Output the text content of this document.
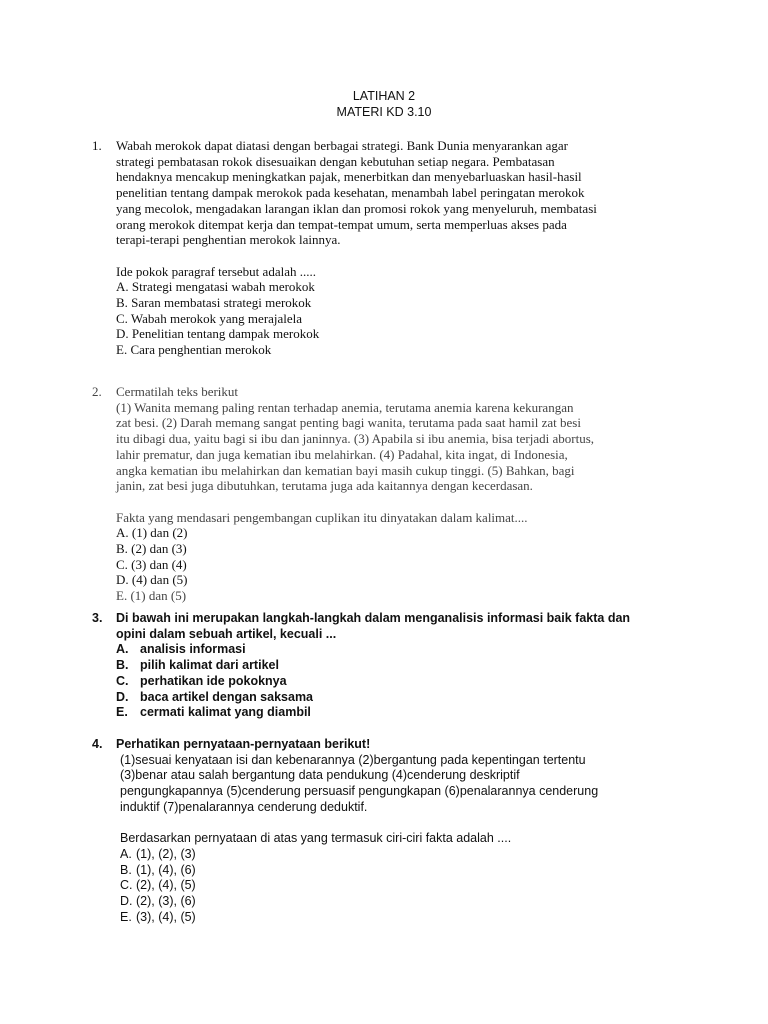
LATIHAN 2
MATERI KD 3.10
1. Wabah merokok dapat diatasi dengan berbagai strategi. Bank Dunia menyarankan agar
strategi pembatasan rokok disesuaikan dengan kebutuhan setiap negara. Pembatasan
hendaknya mencakup meningkatkan pajak, menerbitkan dan menyebarluaskan hasil-hasil
penelitian tentang dampak merokok pada kesehatan, menambah label peringatan merokok
yang mecolok, mengadakan larangan iklan dan promosi rokok yang menyeluruh, membatasi
orang merokok ditempat kerja dan tempat-tempat umum, serta memperluas akses pada
terapi-terapi penghentian merokok lainnya.
Ide pokok paragraf tersebut adalah .....
A. Strategi mengatasi wabah merokok
B. Saran membatasi strategi merokok
C. Wabah merokok yang merajalela
D. Penelitian tentang dampak merokok
E. Cara penghentian merokok
2. Cermatilah teks berikut
(1) Wanita memang paling rentan terhadap anemia, terutama anemia karena kekurangan
zat besi. (2) Darah memang sangat penting bagi wanita, terutama pada saat hamil zat besi
itu dibagi dua, yaitu bagi si ibu dan janinnya. (3) Apabila si ibu anemia, bisa terjadi abortus,
lahir prematur, dan juga kematian ibu melahirkan. (4) Padahal, kita ingat, di Indonesia,
angka kematian ibu melahirkan dan kematian bayi masih cukup tinggi. (5) Bahkan, bagi
janin, zat besi juga dibutuhkan, terutama juga ada kaitannya dengan kecerdasan.
Fakta yang mendasari pengembangan cuplikan itu dinyatakan dalam kalimat....
A. (1) dan (2)
B. (2) dan (3)
C. (3) dan (4)
D. (4) dan (5)
E. (1) dan (5)
3. Di bawah ini merupakan langkah-langkah dalam menganalisis informasi baik fakta dan
opini dalam sebuah artikel, kecuali ...
A. analisis informasi
B. pilih kalimat dari artikel
C. perhatikan ide pokoknya
D. baca artikel dengan saksama
E. cermati kalimat yang diambil
4. Perhatikan pernyataan-pernyataan berikut!
(1)sesuai kenyataan isi dan kebenarannya (2)bergantung pada kepentingan tertentu
(3)benar atau salah bergantung data pendukung (4)cenderung deskriptif
pengungkapannya (5)cenderung persuasif pengungkapan (6)penalarannya cenderung
induktif (7)penalarannya cenderung deduktif.
Berdasarkan pernyataan di atas yang termasuk ciri-ciri fakta adalah ....
A. (1), (2), (3)
B. (1), (4), (6)
C. (2), (4), (5)
D. (2), (3), (6)
E. (3), (4), (5)
